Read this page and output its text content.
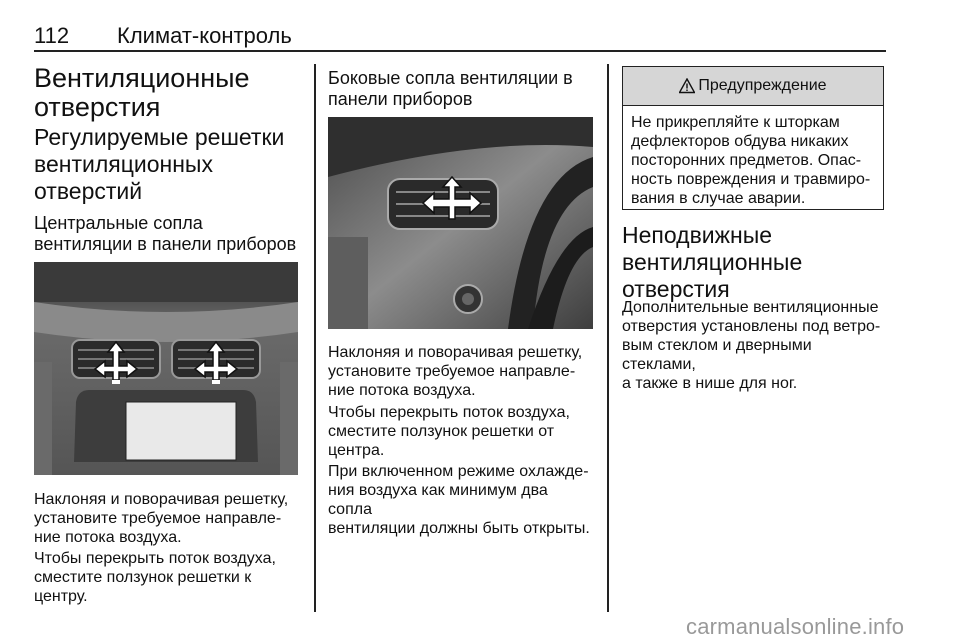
112 Климат-контроль
Вентиляционные
отверстия
Регулируемые решетки
вентиляционных
отверстий
Центральные сопла
вентиляции в панели приборов

Наклоняя и поворачивая решетку,

установите требуемое направле-

ние потока воздуха.

Чтобы перекрыть поток воздуха,

сместите ползунок решетки к

центру.

Боковые сопла вентиляции в
панели приборов

Наклоняя и поворачивая решетку,

установите требуемое направле-

ние потока воздуха.

Чтобы перекрыть поток воздуха,

сместите ползунок решетки от

центра.

При включенном режиме охлажде-

ния воздуха как минимум два сопла

вентиляции должны быть открыты.

Предупреждение
Не прикрепляйте к шторкам
дефлекторов обдува никаких
посторонних предметов. Опас-
ность повреждения и травмиро-
вания в случае аварии.
Неподвижные
вентиляционные
отверстия

Дополнительные вентиляционные

отверстия установлены под ветро-

вым стеклом и дверными стеклами,

а также в нише для ног.

carmanualsonline.info
